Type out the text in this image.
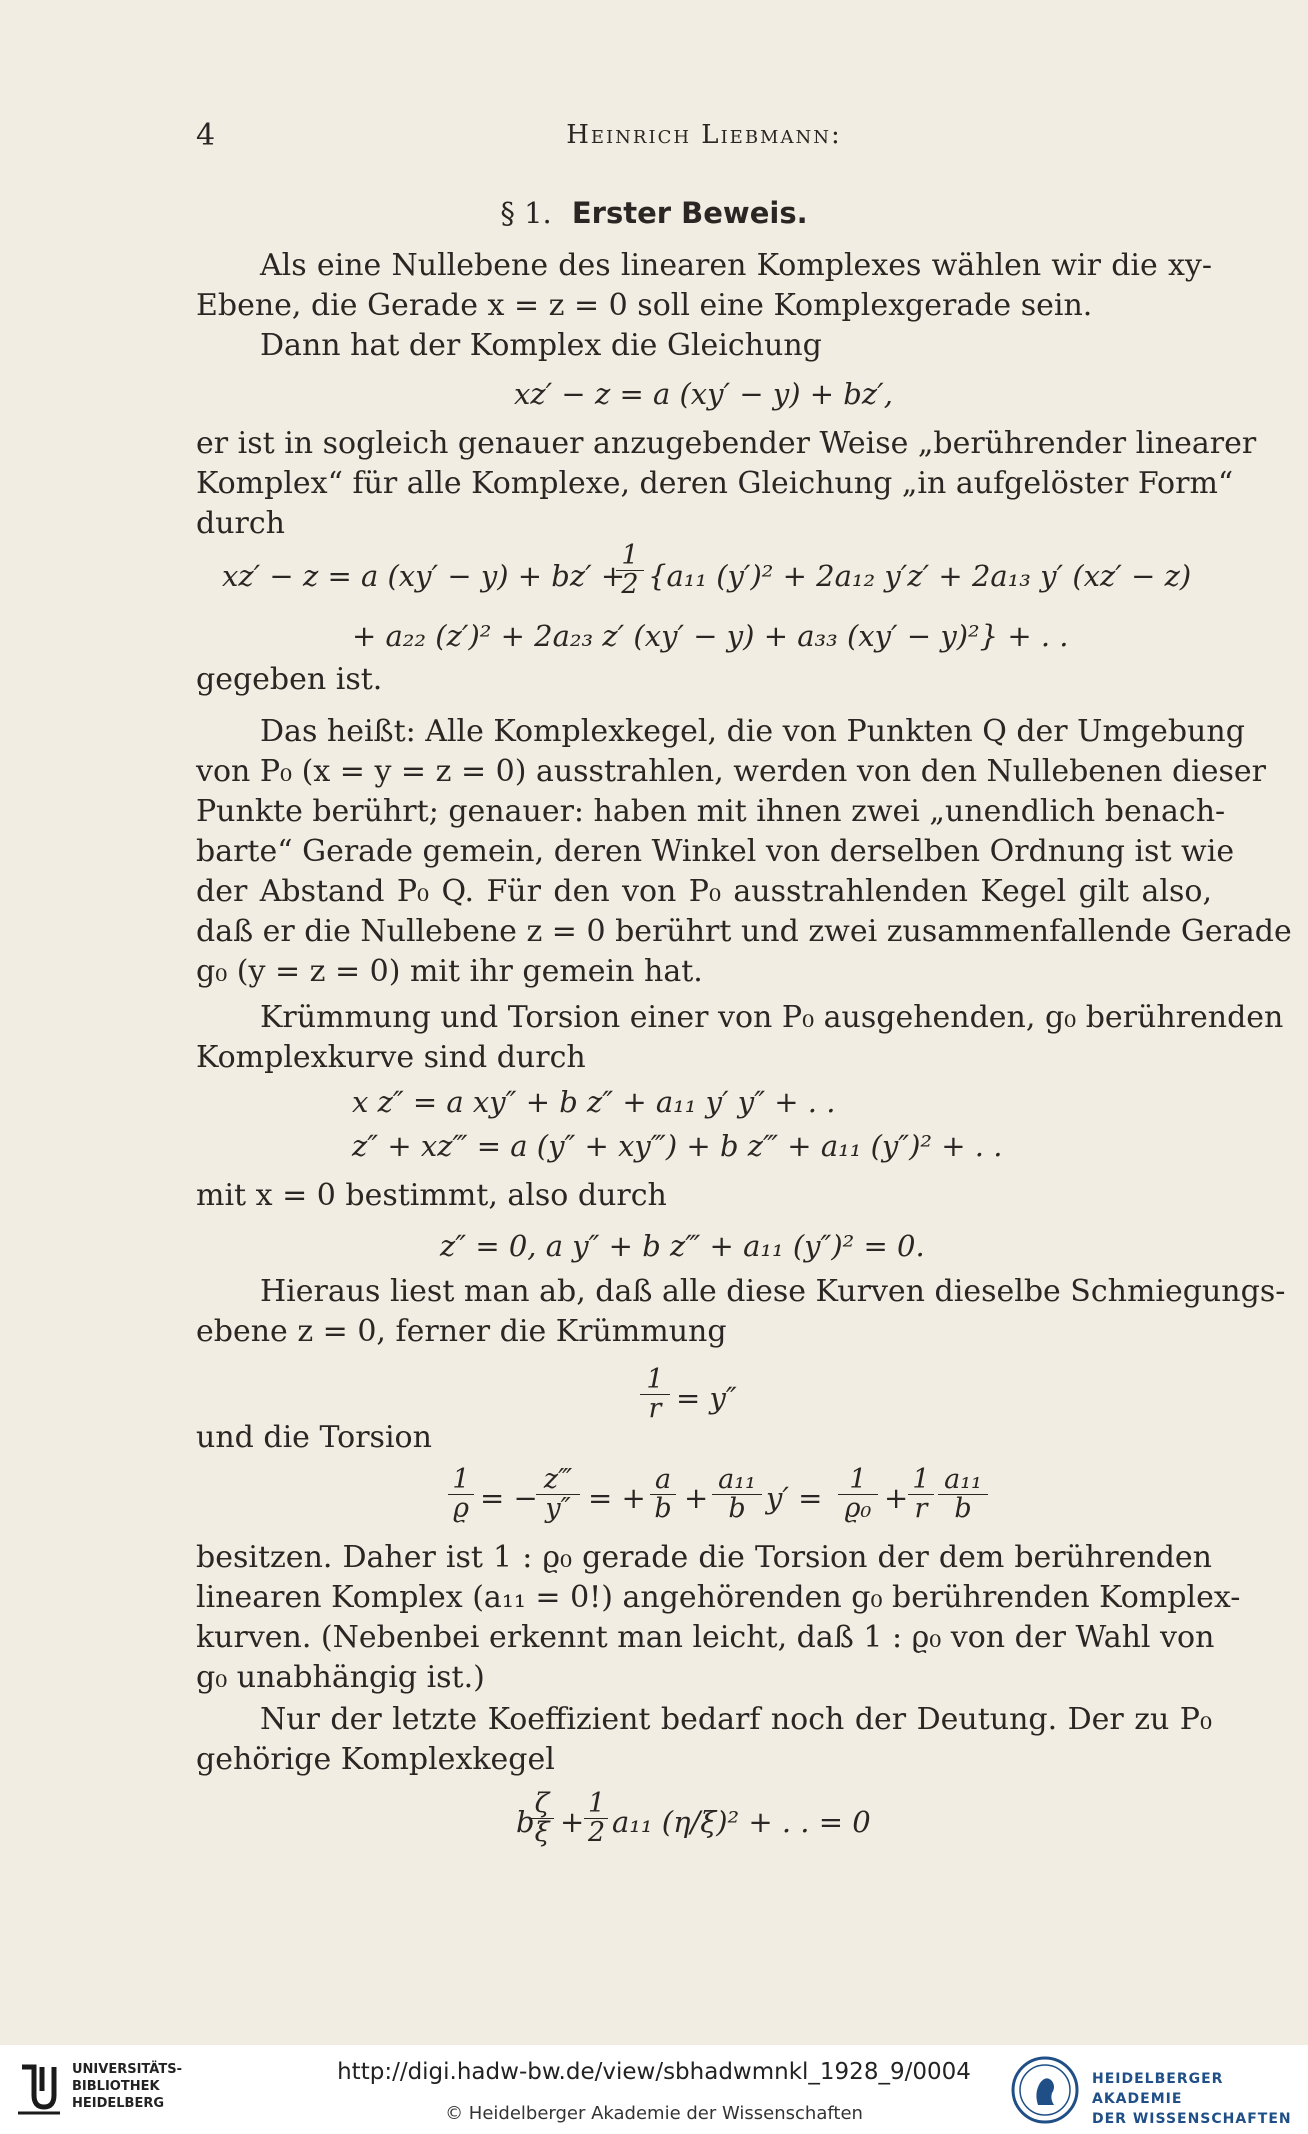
4	Heinrich Liebmann:
§ 1. Erster Beweis.
Als eine Nullebene des linearen Komplexes wählen wir die xy-
Ebene, die Gerade x = z = 0 soll eine Komplexgerade sein.
Dann hat der Komplex die Gleichung
xz′ − z = a (xy′ − y) + bz′,
er ist in sogleich genauer anzugebender Weise „berührender linearer
Komplex“ für alle Komplexe, deren Gleichung „in aufgelöster Form“
durch
xz′ − z = a (xy′ − y) + bz′ +
$\frac{1}{2} \{a_{11}$ (y′)² + 2a₁₂ y′z′ + 2a₁₃ y′ (xz′ − z)
+ a₂₂ (z′)² + 2a₂₃ z′ (xy′ − y) + a₃₃ (xy′ − y)²} + . .
gegeben ist.
Das heißt: Alle Komplexkegel, die von Punkten Q der Umgebung
von P₀ (x = y = z = 0) ausstrahlen, werden von den Nullebenen dieser
Punkte berührt; genauer: haben mit ihnen zwei „unendlich benach-
barte“ Gerade gemein, deren Winkel von derselben Ordnung ist wie
der Abstand P₀ Q. Für den von P₀ ausstrahlenden Kegel gilt also,
daß er die Nullebene z = 0 berührt und zwei zusammenfallende Gerade
g₀ (y = z = 0) mit ihr gemein hat.
Krümmung und Torsion einer von P₀ ausgehenden, g₀ berührenden
Komplexkurve sind durch
x z″ = a xy″ + b z″ + a₁₁ y′ y″ + . .
z″ + xz‴ = a (y″ + xy‴) + b z‴ + a₁₁ (y″)² + . .
mit x = 0 bestimmt, also durch
z″ = 0, a y″ + b z‴ + a₁₁ (y″)² = 0.
Hieraus liest man ab, daß alle diese Kurven dieselbe Schmiegungs-
ebene z = 0, ferner die Krümmung
$\frac{1}{r} = y''$
und die Torsion
$\frac{1}{ϱ}$ = −
$\frac{z‴}{y''}$ = + $\frac{a}{b} + \frac{\text{a₁₁}}{b} y' = \frac{1}{\text{ϱ₀}} + \frac{1}{r} \frac{\text{a₁₁}}{b}$
besitzen. Daher ist 1 : ϱ₀ gerade die Torsion der dem berührenden
linearen Komplex (a₁₁ = 0!) angehörenden g₀ berührenden Komplex-
kurven. (Nebenbei erkennt man leicht, daß 1 : ϱ₀ von der Wahl von
g₀ unabhängig ist.)
Nur der letzte Koeffizient bedarf noch der Deutung. Der zu P₀
gehörige Komplexkegel
b
$\frac{\zeta}{\xi} + \frac{1}{2} a_{11}$ (η/ξ)² + . . = 0
UNIVERSITÄTS-
BIBLIOTHEK
HEIDELBERG
http://digi.hadw-bw.de/view/sbhadwmnkl_1928_9/0004
© Heidelberger Akademie der Wissenschaften
HEIDELBERGER AKADEMIE
DER WISSENSCHAFTEN
